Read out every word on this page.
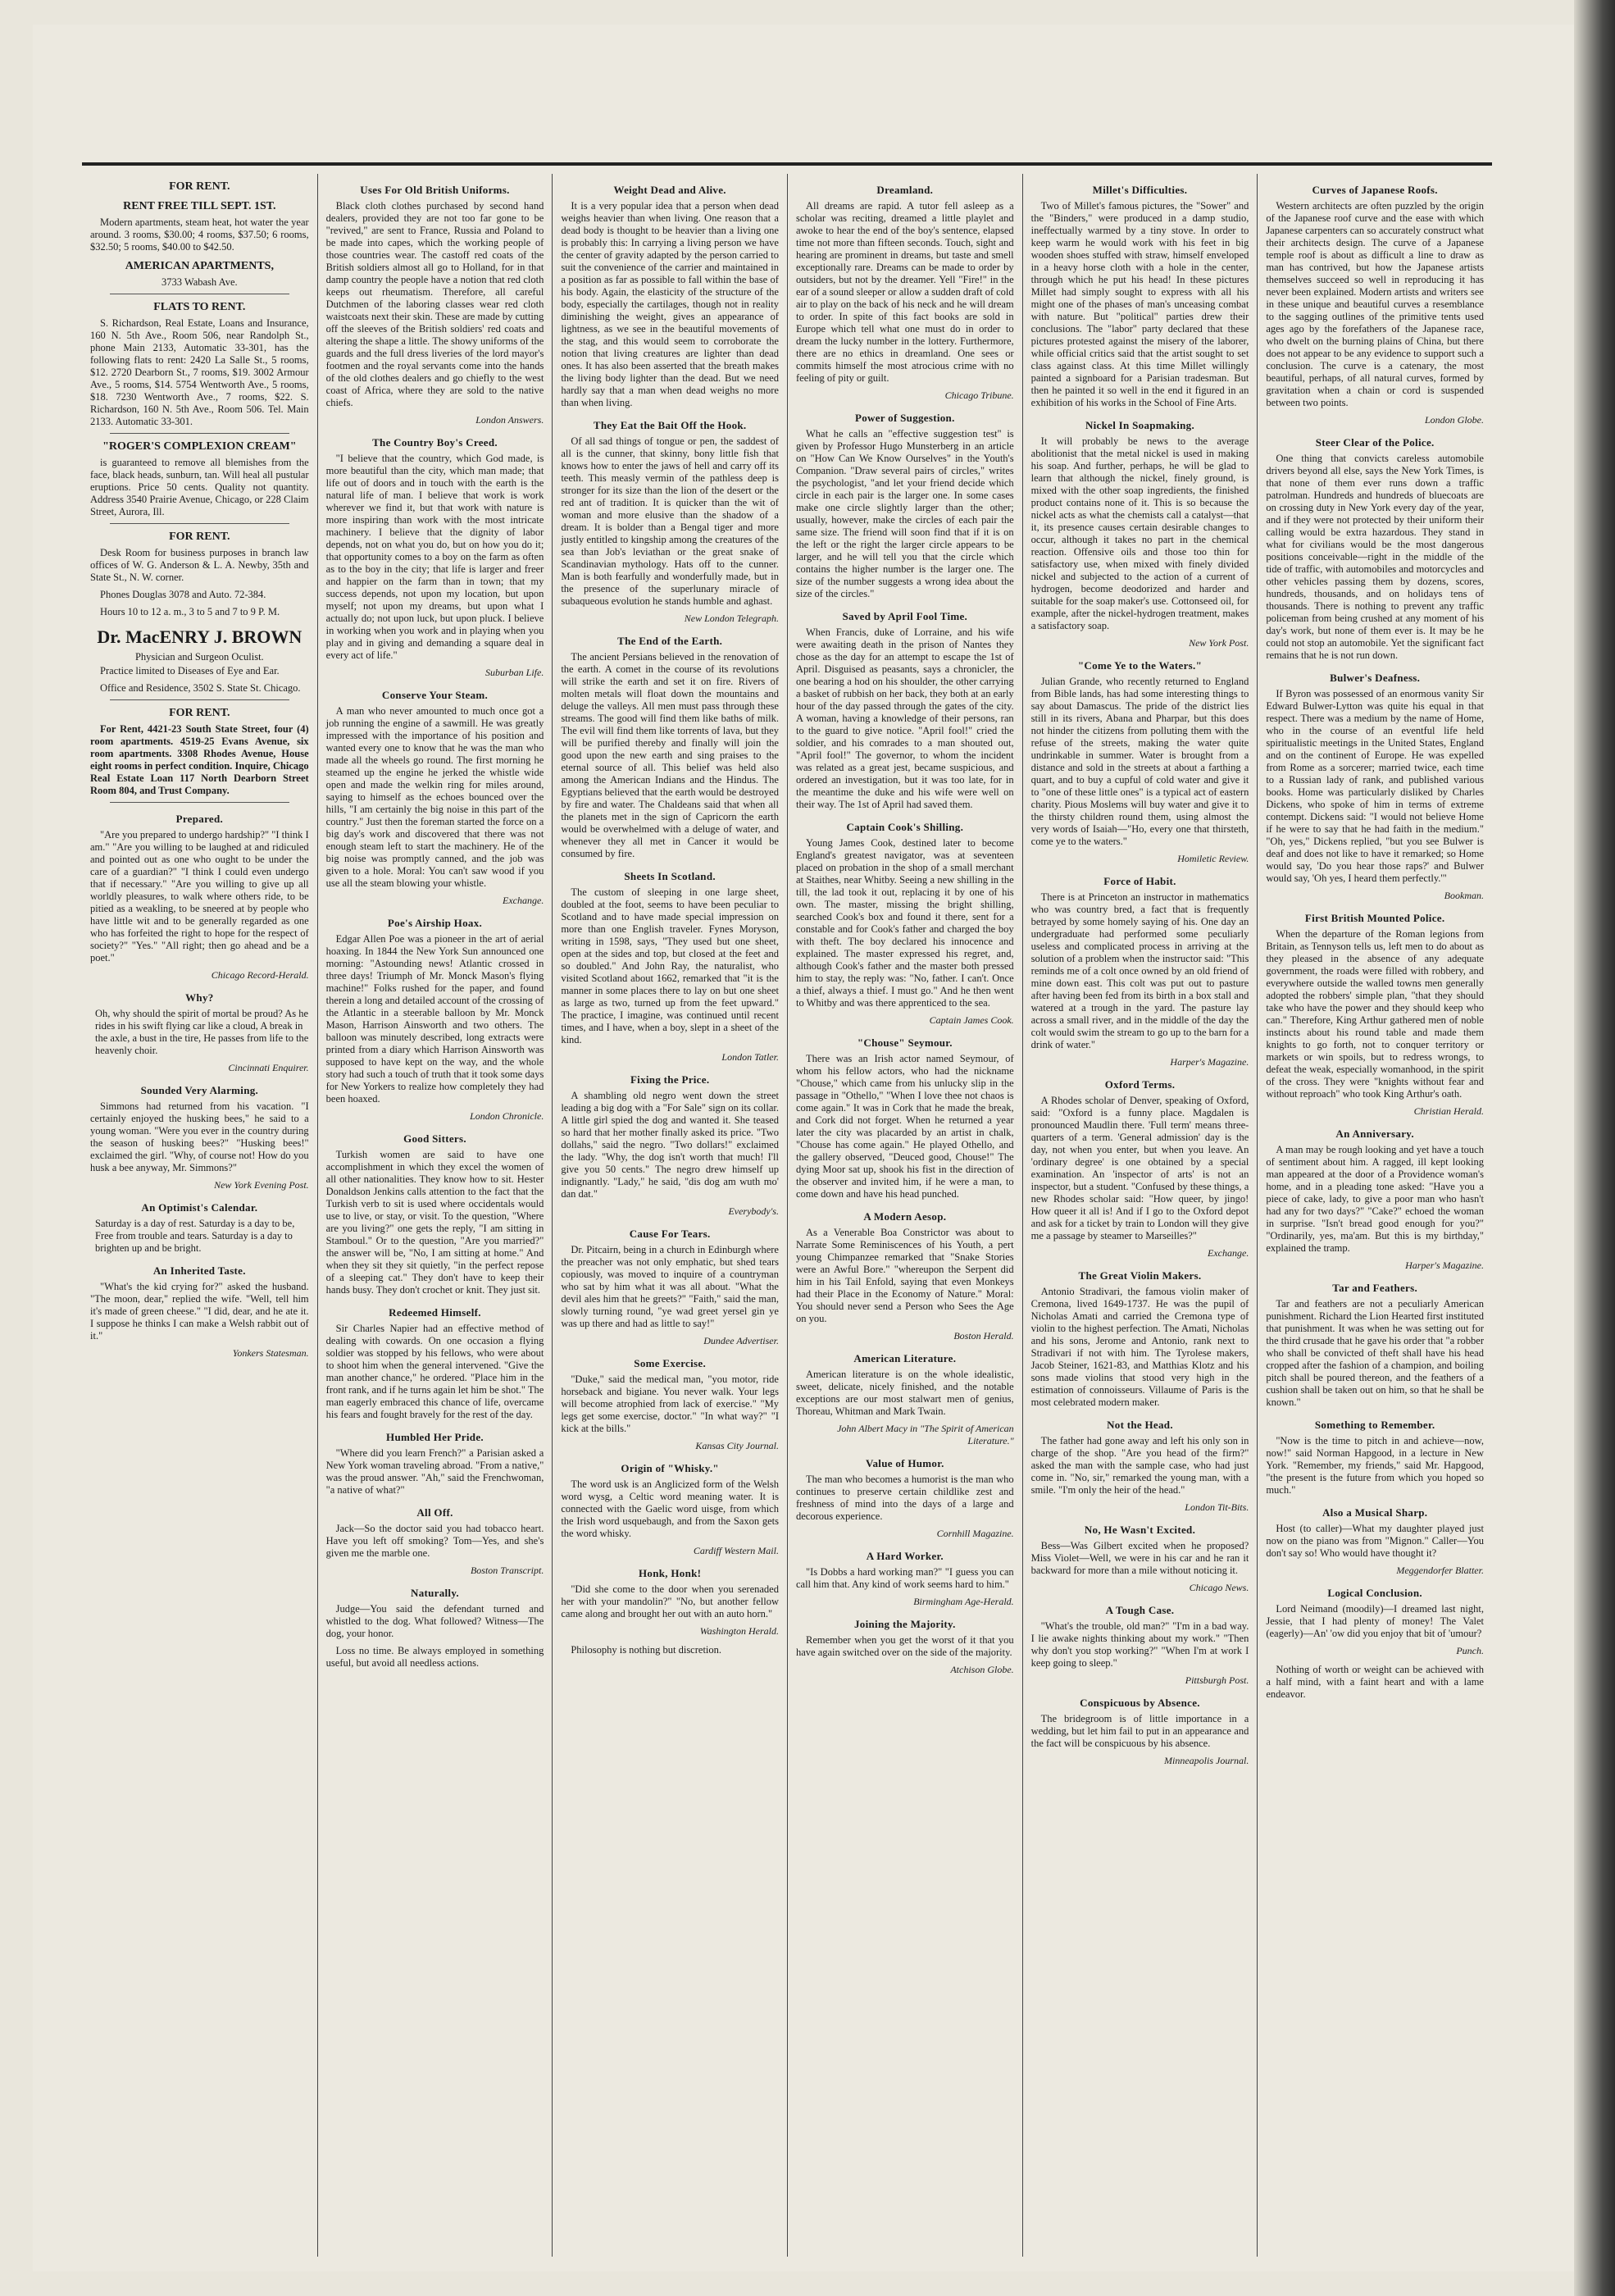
FOR RENT.
RENT FREE TILL SEPT. 1ST.

Modern apartments, steam heat, hot water the year around. 3 rooms, $30.00; 4 rooms, $37.50; 6 rooms, $32.50; 5 rooms, $40.00 to $42.50.

AMERICAN APARTMENTS,
3733 Wabash Ave.
FLATS TO RENT.

S. Richardson, Real Estate, Loans and Insurance, 160 N. 5th Ave., Room 506, near Randolph St., phone Main 2133, Automatic 33-301, has the following flats to rent: 2420 La Salle St., 5 rooms, $12. 2720 Dearborn St., 7 rooms, $19. 3002 Armour Ave., 5 rooms, $14. 5754 Wentworth Ave., 5 rooms, $18. 7230 Wentworth Ave., 7 rooms, $22. S. Richardson, 160 N. 5th Ave., Room 506. Tel. Main 2133. Automatic 33-301.

"ROGER'S COMPLEXION CREAM"

is guaranteed to remove all blemishes from the face, black heads, sunburn, tan. Will heal all pustular eruptions. Price 50 cents. Quality not quantity. Address 3540 Prairie Avenue, Chicago, or 228 Claim Street, Aurora, Ill.

FOR RENT.

Desk Room for business purposes in branch law offices of W. G. Anderson & L. A. Newby, 35th and State St., N. W. corner.

Phones Douglas 3078 and Auto. 72-384.

Hours 10 to 12 a. m., 3 to 5 and 7 to 9 P. M.

Dr. MacENRY J. BROWN
Physician and Surgeon Oculist.

Practice limited to Diseases of Eye and Ear.

Office and Residence, 3502 S. State St. Chicago.

FOR RENT.

For Rent, 4421-23 South State Street, four (4) room apartments. 4519-25 Evans Avenue, six room apartments. 3308 Rhodes Avenue, House eight rooms in perfect condition. Inquire, Chicago Real Estate Loan 117 North Dearborn Street Room 804, and Trust Company.

Prepared.

"Are you prepared to undergo hardship?" "I think I am." "Are you willing to be laughed at and ridiculed and pointed out as one who ought to be under the care of a guardian?" "I think I could even undergo that if necessary." "Are you willing to give up all worldly pleasures, to walk where others ride, to be pitied as a weakling, to be sneered at by people who have little wit and to be generally regarded as one who has forfeited the right to hope for the respect of society?" "Yes." "All right; then go ahead and be a poet."

Chicago Record-Herald.
Why?
Oh, why should the spirit of mortal be proud? As he rides in his swift flying car like a cloud, A break in the axle, a bust in the tire, He passes from life to the heavenly choir.
Cincinnati Enquirer.
Sounded Very Alarming.

Simmons had returned from his vacation. "I certainly enjoyed the husking bees," he said to a young woman. "Were you ever in the country during the season of husking bees?" "Husking bees!" exclaimed the girl. "Why, of course not! How do you husk a bee anyway, Mr. Simmons?"

New York Evening Post.
An Optimist's Calendar.
Saturday is a day of rest. Saturday is a day to be, Free from trouble and tears. Saturday is a day to brighten up and be bright.
An Inherited Taste.

"What's the kid crying for?" asked the husband. "The moon, dear," replied the wife. "Well, tell him it's made of green cheese." "I did, dear, and he ate it. I suppose he thinks I can make a Welsh rabbit out of it."

Yonkers Statesman.
Uses For Old British Uniforms.

Black cloth clothes purchased by second hand dealers, provided they are not too far gone to be "revived," are sent to France, Russia and Poland to be made into capes, which the working people of those countries wear. The castoff red coats of the British soldiers almost all go to Holland, for in that damp country the people have a notion that red cloth keeps out rheumatism. Therefore, all careful Dutchmen of the laboring classes wear red cloth waistcoats next their skin. These are made by cutting off the sleeves of the British soldiers' red coats and altering the shape a little. The showy uniforms of the guards and the full dress liveries of the lord mayor's footmen and the royal servants come into the hands of the old clothes dealers and go chiefly to the west coast of Africa, where they are sold to the native chiefs.

London Answers.
The Country Boy's Creed.

"I believe that the country, which God made, is more beautiful than the city, which man made; that life out of doors and in touch with the earth is the natural life of man. I believe that work is work wherever we find it, but that work with nature is more inspiring than work with the most intricate machinery. I believe that the dignity of labor depends, not on what you do, but on how you do it; that opportunity comes to a boy on the farm as often as to the boy in the city; that life is larger and freer and happier on the farm than in town; that my success depends, not upon my location, but upon myself; not upon my dreams, but upon what I actually do; not upon luck, but upon pluck. I believe in working when you work and in playing when you play and in giving and demanding a square deal in every act of life."

Suburban Life.
Conserve Your Steam.

A man who never amounted to much once got a job running the engine of a sawmill. He was greatly impressed with the importance of his position and wanted every one to know that he was the man who made all the wheels go round. The first morning he steamed up the engine he jerked the whistle wide open and made the welkin ring for miles around, saying to himself as the echoes bounced over the hills, "I am certainly the big noise in this part of the country." Just then the foreman started the force on a big day's work and discovered that there was not enough steam left to start the machinery. He of the big noise was promptly canned, and the job was given to a hole. Moral: You can't saw wood if you use all the steam blowing your whistle.

Exchange.
Poe's Airship Hoax.

Edgar Allen Poe was a pioneer in the art of aerial hoaxing. In 1844 the New York Sun announced one morning: "Astounding news! Atlantic crossed in three days! Triumph of Mr. Monck Mason's flying machine!" Folks rushed for the paper, and found therein a long and detailed account of the crossing of the Atlantic in a steerable balloon by Mr. Monck Mason, Harrison Ainsworth and two others. The balloon was minutely described, long extracts were printed from a diary which Harrison Ainsworth was supposed to have kept on the way, and the whole story had such a touch of truth that it took some days for New Yorkers to realize how completely they had been hoaxed.

London Chronicle.
Good Sitters.

Turkish women are said to have one accomplishment in which they excel the women of all other nationalities. They know how to sit. Hester Donaldson Jenkins calls attention to the fact that the Turkish verb to sit is used where occidentals would use to live, or stay, or visit. To the question, "Where are you living?" one gets the reply, "I am sitting in Stamboul." Or to the question, "Are you married?" the answer will be, "No, I am sitting at home." And when they sit they sit quietly, "in the perfect repose of a sleeping cat." They don't have to keep their hands busy. They don't crochet or knit. They just sit.

Redeemed Himself.

Sir Charles Napier had an effective method of dealing with cowards. On one occasion a flying soldier was stopped by his fellows, who were about to shoot him when the general intervened. "Give the man another chance," he ordered. "Place him in the front rank, and if he turns again let him be shot." The man eagerly embraced this chance of life, overcame his fears and fought bravely for the rest of the day.

Humbled Her Pride.

"Where did you learn French?" a Parisian asked a New York woman traveling abroad. "From a native," was the proud answer. "Ah," said the Frenchwoman, "a native of what?"

All Off.

Jack—So the doctor said you had tobacco heart. Have you left off smoking? Tom—Yes, and she's given me the marble one.

Boston Transcript.
Naturally.

Judge—You said the defendant turned and whistled to the dog. What followed? Witness—The dog, your honor.

Loss no time. Be always employed in something useful, but avoid all needless actions.

Weight Dead and Alive.

It is a very popular idea that a person when dead weighs heavier than when living. One reason that a dead body is thought to be heavier than a living one is probably this: In carrying a living person we have the center of gravity adapted by the person carried to suit the convenience of the carrier and maintained in a position as far as possible to fall within the base of his body. Again, the elasticity of the structure of the body, especially the cartilages, though not in reality diminishing the weight, gives an appearance of lightness, as we see in the beautiful movements of the stag, and this would seem to corroborate the notion that living creatures are lighter than dead ones. It has also been asserted that the breath makes the living body lighter than the dead. But we need hardly say that a man when dead weighs no more than when living.

They Eat the Bait Off the Hook.

Of all sad things of tongue or pen, the saddest of all is the cunner, that skinny, bony little fish that knows how to enter the jaws of hell and carry off its teeth. This measly vermin of the pathless deep is stronger for its size than the lion of the desert or the red ant of tradition. It is quicker than the wit of woman and more elusive than the shadow of a dream. It is bolder than a Bengal tiger and more justly entitled to kingship among the creatures of the sea than Job's leviathan or the great snake of Scandinavian mythology. Hats off to the cunner. Man is both fearfully and wonderfully made, but in the presence of the superlunary miracle of subaqueous evolution he stands humble and aghast.

New London Telegraph.
The End of the Earth.

The ancient Persians believed in the renovation of the earth. A comet in the course of its revolutions will strike the earth and set it on fire. Rivers of molten metals will float down the mountains and deluge the valleys. All men must pass through these streams. The good will find them like baths of milk. The evil will find them like torrents of lava, but they will be purified thereby and finally will join the good upon the new earth and sing praises to the eternal source of all. This belief was held also among the American Indians and the Hindus. The Egyptians believed that the earth would be destroyed by fire and water. The Chaldeans said that when all the planets met in the sign of Capricorn the earth would be overwhelmed with a deluge of water, and whenever they all met in Cancer it would be consumed by fire.

Sheets In Scotland.

The custom of sleeping in one large sheet, doubled at the foot, seems to have been peculiar to Scotland and to have made special impression on more than one English traveler. Fynes Moryson, writing in 1598, says, "They used but one sheet, open at the sides and top, but closed at the feet and so doubled." And John Ray, the naturalist, who visited Scotland about 1662, remarked that "it is the manner in some places there to lay on but one sheet as large as two, turned up from the feet upward." The practice, I imagine, was continued until recent times, and I have, when a boy, slept in a sheet of the kind.

London Tatler.
Fixing the Price.

A shambling old negro went down the street leading a big dog with a "For Sale" sign on its collar. A little girl spied the dog and wanted it. She teased so hard that her mother finally asked its price. "Two dollahs," said the negro. "Two dollars!" exclaimed the lady. "Why, the dog isn't worth that much! I'll give you 50 cents." The negro drew himself up indignantly. "Lady," he said, "dis dog am wuth mo' dan dat."

Everybody's.
Cause For Tears.

Dr. Pitcairn, being in a church in Edinburgh where the preacher was not only emphatic, but shed tears copiously, was moved to inquire of a countryman who sat by him what it was all about. "What the devil ales him that he greets?" "Faith," said the man, slowly turning round, "ye wad greet yersel gin ye was up there and had as little to say!"

Dundee Advertiser.
Some Exercise.

"Duke," said the medical man, "you motor, ride horseback and bigiane. You never walk. Your legs will become atrophied from lack of exercise." "My legs get some exercise, doctor." "In what way?" "I kick at the bills."

Kansas City Journal.
Origin of "Whisky."

The word usk is an Anglicized form of the Welsh word wysg, a Celtic word meaning water. It is connected with the Gaelic word uisge, from which the Irish word usquebaugh, and from the Saxon gets the word whisky.

Cardiff Western Mail.
Honk, Honk!

"Did she come to the door when you serenaded her with your mandolin?" "No, but another fellow came along and brought her out with an auto horn."

Washington Herald.

Philosophy is nothing but discretion.

Dreamland.

All dreams are rapid. A tutor fell asleep as a scholar was reciting, dreamed a little playlet and awoke to hear the end of the boy's sentence, elapsed time not more than fifteen seconds. Touch, sight and hearing are prominent in dreams, but taste and smell exceptionally rare. Dreams can be made to order by outsiders, but not by the dreamer. Yell "Fire!" in the ear of a sound sleeper or allow a sudden draft of cold air to play on the back of his neck and he will dream to order. In spite of this fact books are sold in Europe which tell what one must do in order to dream the lucky number in the lottery. Furthermore, there are no ethics in dreamland. One sees or commits himself the most atrocious crime with no feeling of pity or guilt.

Chicago Tribune.
Power of Suggestion.

What he calls an "effective suggestion test" is given by Professor Hugo Munsterberg in an article on "How Can We Know Ourselves" in the Youth's Companion. "Draw several pairs of circles," writes the psychologist, "and let your friend decide which circle in each pair is the larger one. In some cases make one circle slightly larger than the other; usually, however, make the circles of each pair the same size. The friend will soon find that if it is on the left or the right the larger circle appears to be larger, and he will tell you that the circle which contains the higher number is the larger one. The size of the number suggests a wrong idea about the size of the circles."

Saved by April Fool Time.

When Francis, duke of Lorraine, and his wife were awaiting death in the prison of Nantes they chose as the day for an attempt to escape the 1st of April. Disguised as peasants, says a chronicler, the one bearing a hod on his shoulder, the other carrying a basket of rubbish on her back, they both at an early hour of the day passed through the gates of the city. A woman, having a knowledge of their persons, ran to the guard to give notice. "April fool!" cried the soldier, and his comrades to a man shouted out, "April fool!" The governor, to whom the incident was related as a great jest, became suspicious, and ordered an investigation, but it was too late, for in the meantime the duke and his wife were well on their way. The 1st of April had saved them.

Captain Cook's Shilling.

Young James Cook, destined later to become England's greatest navigator, was at seventeen placed on probation in the shop of a small merchant at Staithes, near Whitby. Seeing a new shilling in the till, the lad took it out, replacing it by one of his own. The master, missing the bright shilling, searched Cook's box and found it there, sent for a constable and for Cook's father and charged the boy with theft. The boy declared his innocence and explained. The master expressed his regret, and, although Cook's father and the master both pressed him to stay, the reply was: "No, father. I can't. Once a thief, always a thief. I must go." And he then went to Whitby and was there apprenticed to the sea.

Captain James Cook.
"Chouse" Seymour.

There was an Irish actor named Seymour, of whom his fellow actors, who had the nickname "Chouse," which came from his unlucky slip in the passage in "Othello," "When I love thee not chaos is come again." It was in Cork that he made the break, and Cork did not forget. When he returned a year later the city was placarded by an artist in chalk, "Chouse has come again." He played Othello, and the gallery observed, "Deuced good, Chouse!" The dying Moor sat up, shook his fist in the direction of the observer and invited him, if he were a man, to come down and have his head punched.

A Modern Aesop.

As a Venerable Boa Constrictor was about to Narrate Some Reminiscences of his Youth, a pert young Chimpanzee remarked that "Snake Stories were an Awful Bore." "whereupon the Serpent did him in his Tail Enfold, saying that even Monkeys had their Place in the Economy of Nature." Moral: You should never send a Person who Sees the Age on you.

Boston Herald.
American Literature.

American literature is on the whole idealistic, sweet, delicate, nicely finished, and the notable exceptions are our most stalwart men of genius, Thoreau, Whitman and Mark Twain.

John Albert Macy in "The Spirit of American Literature."
Value of Humor.

The man who becomes a humorist is the man who continues to preserve certain childlike zest and freshness of mind into the days of a large and decorous experience.

Cornhill Magazine.
A Hard Worker.

"Is Dobbs a hard working man?" "I guess you can call him that. Any kind of work seems hard to him."

Birmingham Age-Herald.
Joining the Majority.

Remember when you get the worst of it that you have again switched over on the side of the majority.

Atchison Globe.
Millet's Difficulties.

Two of Millet's famous pictures, the "Sower" and the "Binders," were produced in a damp studio, ineffectually warmed by a tiny stove. In order to keep warm he would work with his feet in big wooden shoes stuffed with straw, himself enveloped in a heavy horse cloth with a hole in the center, through which he put his head! In these pictures Millet had simply sought to express with all his might one of the phases of man's unceasing combat with nature. But "political" parties drew their conclusions. The "labor" party declared that these pictures protested against the misery of the laborer, while official critics said that the artist sought to set class against class. At this time Millet willingly painted a signboard for a Parisian tradesman. But then he painted it so well in the end it figured in an exhibition of his works in the School of Fine Arts.

Nickel In Soapmaking.

It will probably be news to the average abolitionist that the metal nickel is used in making his soap. And further, perhaps, he will be glad to learn that although the nickel, finely ground, is mixed with the other soap ingredients, the finished product contains none of it. This is so because the nickel acts as what the chemists call a catalyst—that it, its presence causes certain desirable changes to occur, although it takes no part in the chemical reaction. Offensive oils and those too thin for satisfactory use, when mixed with finely divided nickel and subjected to the action of a current of hydrogen, become deodorized and harder and suitable for the soap maker's use. Cottonseed oil, for example, after the nickel-hydrogen treatment, makes a satisfactory soap.

New York Post.
"Come Ye to the Waters."

Julian Grande, who recently returned to England from Bible lands, has had some interesting things to say about Damascus. The pride of the district lies still in its rivers, Abana and Pharpar, but this does not hinder the citizens from polluting them with the refuse of the streets, making the water quite undrinkable in summer. Water is brought from a distance and sold in the streets at about a farthing a quart, and to buy a cupful of cold water and give it to "one of these little ones" is a typical act of eastern charity. Pious Moslems will buy water and give it to the thirsty children round them, using almost the very words of Isaiah—"Ho, every one that thirsteth, come ye to the waters."

Homiletic Review.
Force of Habit.

There is at Princeton an instructor in mathematics who was country bred, a fact that is frequently betrayed by some homely saying of his. One day an undergraduate had performed some peculiarly useless and complicated process in arriving at the solution of a problem when the instructor said: "This reminds me of a colt once owned by an old friend of mine down east. This colt was put out to pasture after having been fed from its birth in a box stall and watered at a trough in the yard. The pasture lay across a small river, and in the middle of the day the colt would swim the stream to go up to the barn for a drink of water."

Harper's Magazine.
Oxford Terms.

A Rhodes scholar of Denver, speaking of Oxford, said: "Oxford is a funny place. Magdalen is pronounced Maudlin there. 'Full term' means three-quarters of a term. 'General admission' day is the day, not when you enter, but when you leave. An 'ordinary degree' is one obtained by a special examination. An 'inspector of arts' is not an inspector, but a student. "Confused by these things, a new Rhodes scholar said: "How queer, by jingo! How queer it all is! And if I go to the Oxford depot and ask for a ticket by train to London will they give me a passage by steamer to Marseilles?"

Exchange.
The Great Violin Makers.

Antonio Stradivari, the famous violin maker of Cremona, lived 1649-1737. He was the pupil of Nicholas Amati and carried the Cremona type of violin to the highest perfection. The Amati, Nicholas and his sons, Jerome and Antonio, rank next to Stradivari if not with him. The Tyrolese makers, Jacob Steiner, 1621-83, and Matthias Klotz and his sons made violins that stood very high in the estimation of connoisseurs. Villaume of Paris is the most celebrated modern maker.

Not the Head.

The father had gone away and left his only son in charge of the shop. "Are you head of the firm?" asked the man with the sample case, who had just come in. "No, sir," remarked the young man, with a smile. "I'm only the heir of the head."

London Tit-Bits.
No, He Wasn't Excited.

Bess—Was Gilbert excited when he proposed? Miss Violet—Well, we were in his car and he ran it backward for more than a mile without noticing it.

Chicago News.
A Tough Case.

"What's the trouble, old man?" "I'm in a bad way. I lie awake nights thinking about my work." "Then why don't you stop working?" "When I'm at work I keep going to sleep."

Pittsburgh Post.
Conspicuous by Absence.

The bridegroom is of little importance in a wedding, but let him fail to put in an appearance and the fact will be conspicuous by his absence.

Minneapolis Journal.
Curves of Japanese Roofs.

Western architects are often puzzled by the origin of the Japanese roof curve and the ease with which Japanese carpenters can so accurately construct what their architects design. The curve of a Japanese temple roof is about as difficult a line to draw as man has contrived, but how the Japanese artists themselves succeed so well in reproducing it has never been explained. Modern artists and writers see in these unique and beautiful curves a resemblance to the sagging outlines of the primitive tents used ages ago by the forefathers of the Japanese race, who dwelt on the burning plains of China, but there does not appear to be any evidence to support such a conclusion. The curve is a catenary, the most beautiful, perhaps, of all natural curves, formed by gravitation when a chain or cord is suspended between two points.

London Globe.
Steer Clear of the Police.

One thing that convicts careless automobile drivers beyond all else, says the New York Times, is that none of them ever runs down a traffic patrolman. Hundreds and hundreds of bluecoats are on crossing duty in New York every day of the year, and if they were not protected by their uniform their calling would be extra hazardous. They stand in what for civilians would be the most dangerous positions conceivable—right in the middle of the tide of traffic, with automobiles and motorcycles and other vehicles passing them by dozens, scores, hundreds, thousands, and on holidays tens of thousands. There is nothing to prevent any traffic policeman from being crushed at any moment of his day's work, but none of them ever is. It may be he could not stop an automobile. Yet the significant fact remains that he is not run down.

Bulwer's Deafness.

If Byron was possessed of an enormous vanity Sir Edward Bulwer-Lytton was quite his equal in that respect. There was a medium by the name of Home, who in the course of an eventful life held spiritualistic meetings in the United States, England and on the continent of Europe. He was expelled from Rome as a sorcerer; married twice, each time to a Russian lady of rank, and published various books. Home was particularly disliked by Charles Dickens, who spoke of him in terms of extreme contempt. Dickens said: "I would not believe Home if he were to say that he had faith in the medium." "Oh, yes," Dickens replied, "but you see Bulwer is deaf and does not like to have it remarked; so Home would say, 'Do you hear those raps?' and Bulwer would say, 'Oh yes, I heard them perfectly.'"

Bookman.
First British Mounted Police.

When the departure of the Roman legions from Britain, as Tennyson tells us, left men to do about as they pleased in the absence of any adequate government, the roads were filled with robbery, and everywhere outside the walled towns men generally adopted the robbers' simple plan, "that they should take who have the power and they should keep who can." Therefore, King Arthur gathered men of noble instincts about his round table and made them knights to go forth, not to conquer territory or markets or win spoils, but to redress wrongs, to defeat the weak, especially womanhood, in the spirit of the cross. They were "knights without fear and without reproach" who took King Arthur's oath.

Christian Herald.
An Anniversary.

A man may be rough looking and yet have a touch of sentiment about him. A ragged, ill kept looking man appeared at the door of a Providence woman's home, and in a pleading tone asked: "Have you a piece of cake, lady, to give a poor man who hasn't had any for two days?" "Cake?" echoed the woman in surprise. "Isn't bread good enough for you?" "Ordinarily, yes, ma'am. But this is my birthday," explained the tramp.

Harper's Magazine.
Tar and Feathers.

Tar and feathers are not a peculiarly American punishment. Richard the Lion Hearted first instituted that punishment. It was when he was setting out for the third crusade that he gave his order that "a robber who shall be convicted of theft shall have his head cropped after the fashion of a champion, and boiling pitch shall be poured thereon, and the feathers of a cushion shall be taken out on him, so that he shall be known."

Something to Remember.

"Now is the time to pitch in and achieve—now, now!" said Norman Hapgood, in a lecture in New York. "Remember, my friends," said Mr. Hapgood, "the present is the future from which you hoped so much."

Also a Musical Sharp.

Host (to caller)—What my daughter played just now on the piano was from "Mignon." Caller—You don't say so! Who would have thought it?

Meggendorfer Blatter.
Logical Conclusion.

Lord Neimand (moodily)—I dreamed last night, Jessie, that I had plenty of money! The Valet (eagerly)—An' 'ow did you enjoy that bit of 'umour?

Punch.

Nothing of worth or weight can be achieved with a half mind, with a faint heart and with a lame endeavor.
